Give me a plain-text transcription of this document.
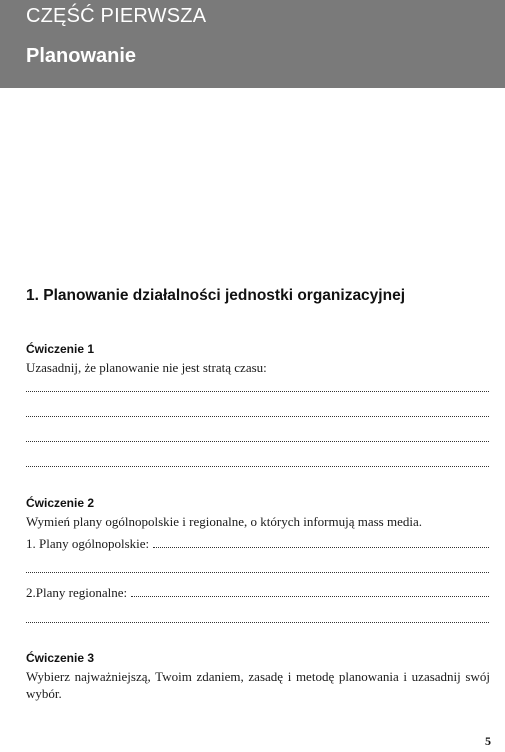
CZĘŚĆ PIERWSZA
Planowanie
1. Planowanie działalności jednostki organizacyjnej
Ćwiczenie 1
Uzasadnij, że planowanie nie jest stratą czasu:
Ćwiczenie 2
Wymień plany ogólnopolskie i regionalne, o których informują mass media.
1. Plany ogólnopolskie:
2.Plany regionalne:
Ćwiczenie 3
Wybierz najważniejszą, Twoim zdaniem, zasadę i metodę planowania i uzasadnij swój wybór.
5
